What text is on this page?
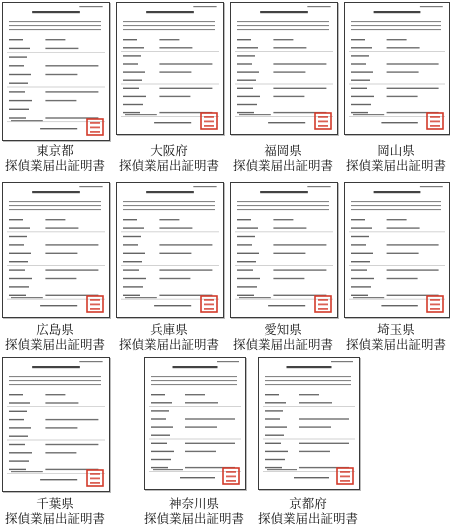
東京都
探偵業届出証明書
大阪府
探偵業届出証明書
福岡県
探偵業届出証明書
岡山県
探偵業届出証明書
広島県
探偵業届出証明書
兵庫県
探偵業届出証明書
愛知県
探偵業届出証明書
埼玉県
探偵業届出証明書
千葉県
探偵業届出証明書
神奈川県
探偵業届出証明書
京都府
探偵業届出証明書
